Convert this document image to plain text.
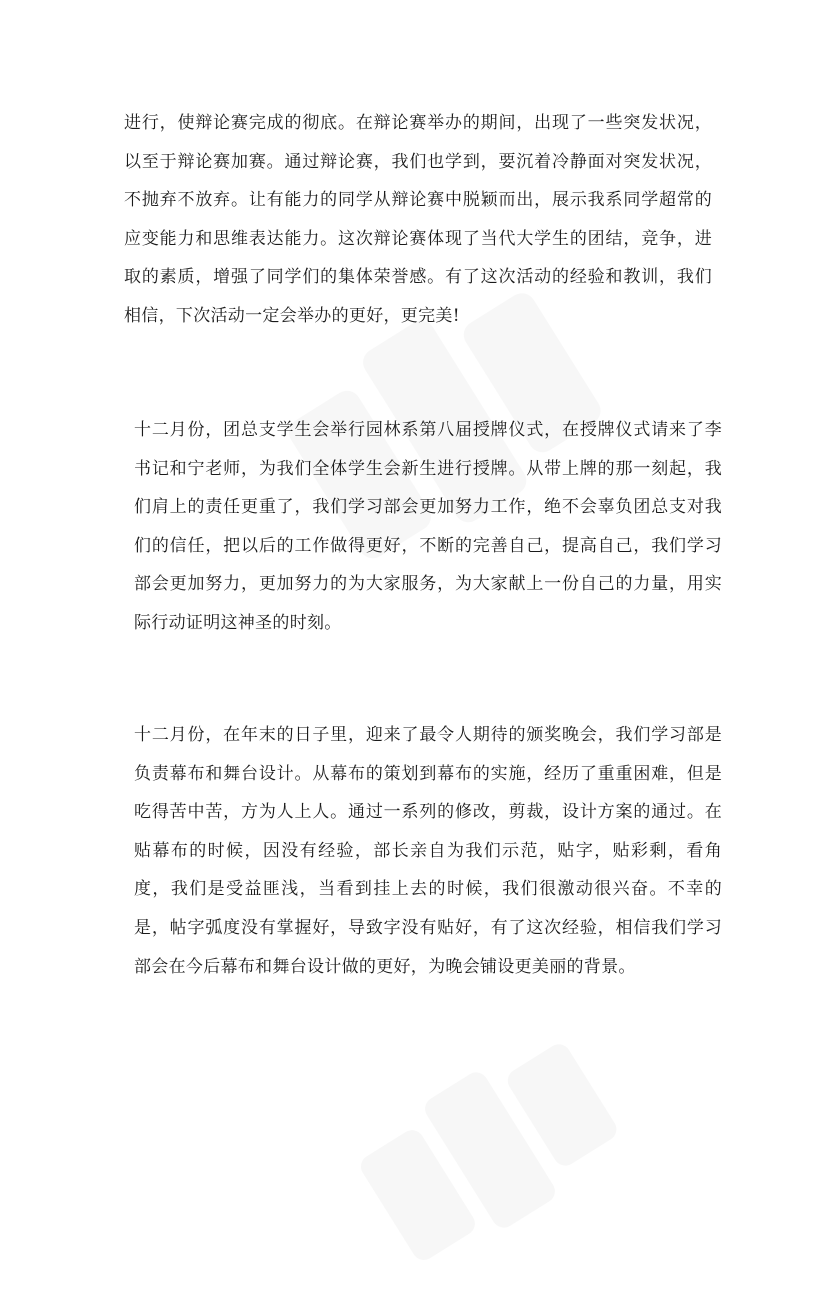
进行，使辩论赛完成的彻底。在辩论赛举办的期间，出现了一些突发状况，以至于辩论赛加赛。通过辩论赛，我们也学到，要沉着冷静面对突发状况，不抛弃不放弃。让有能力的同学从辩论赛中脱颖而出，展示我系同学超常的应变能力和思维表达能力。这次辩论赛体现了当代大学生的团结，竞争，进取的素质，增强了同学们的集体荣誉感。有了这次活动的经验和教训，我们相信，下次活动一定会举办的更好，更完美!

十二月份，团总支学生会举行园林系第八届授牌仪式，在授牌仪式请来了李书记和宁老师，为我们全体学生会新生进行授牌。从带上牌的那一刻起，我们肩上的责任更重了，我们学习部会更加努力工作，绝不会辜负团总支对我们的信任，把以后的工作做得更好，不断的完善自己，提高自己，我们学习部会更加努力，更加努力的为大家服务，为大家献上一份自己的力量，用实际行动证明这神圣的时刻。

十二月份，在年末的日子里，迎来了最令人期待的颁奖晚会，我们学习部是负责幕布和舞台设计。从幕布的策划到幕布的实施，经历了重重困难，但是吃得苦中苦，方为人上人。通过一系列的修改，剪裁，设计方案的通过。在贴幕布的时候，因没有经验，部长亲自为我们示范，贴字，贴彩剩，看角度，我们是受益匪浅，当看到挂上去的时候，我们很激动很兴奋。不幸的是，帖字弧度没有掌握好，导致字没有贴好，有了这次经验，相信我们学习部会在今后幕布和舞台设计做的更好，为晚会铺设更美丽的背景。
